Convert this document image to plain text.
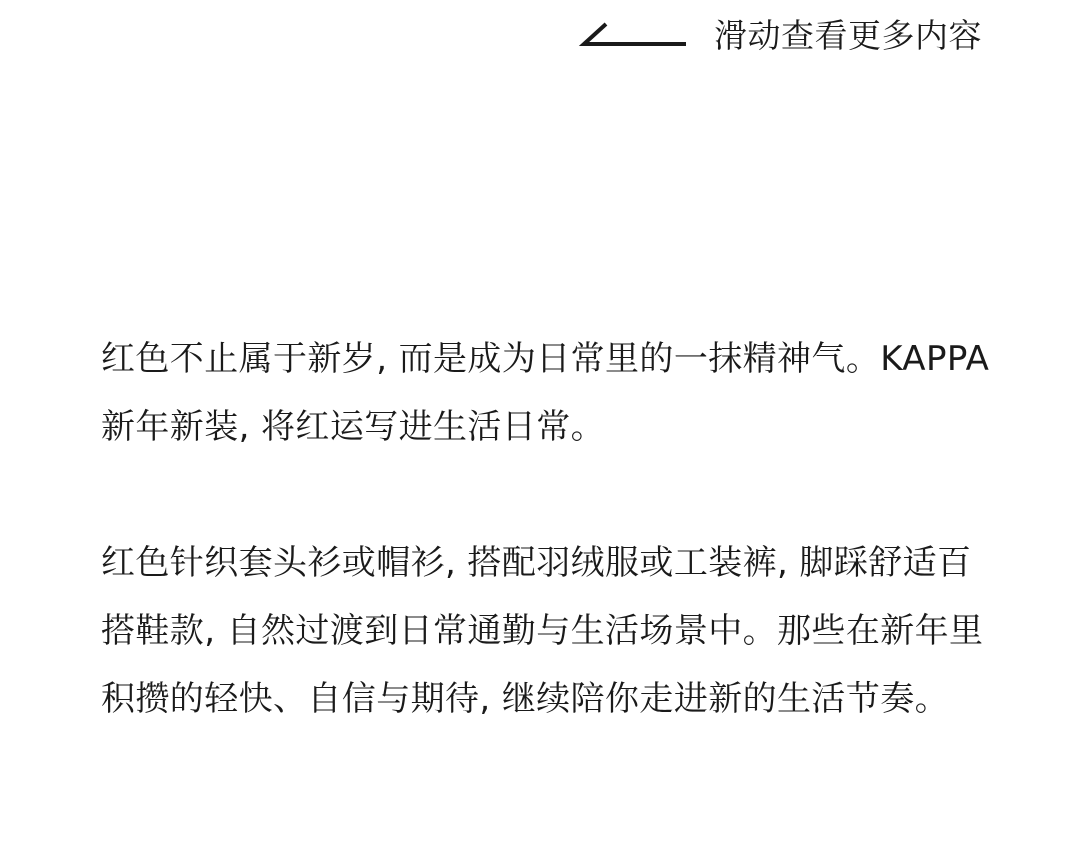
滑动查看更多内容

红色不止属于新岁, 而是成为日常里的一抹精神气。KAPPA
新年新装, 将红运写进生活日常。

红色针织套头衫或帽衫, 搭配羽绒服或工装裤, 脚踩舒适百
搭鞋款, 自然过渡到日常通勤与生活场景中。那些在新年里
积攒的轻快、自信与期待, 继续陪你走进新的生活节奏。
